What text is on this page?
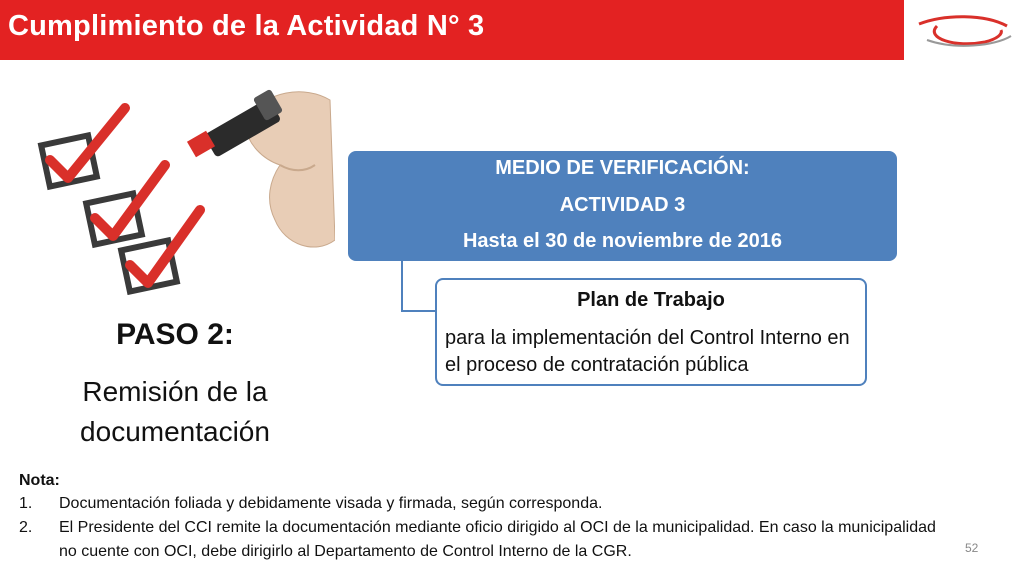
Cumplimiento de la Actividad N° 3
PASO 2:
Remisión de la documentación
MEDIO DE VERIFICACIÓN:
ACTIVIDAD 3
Hasta el 30 de noviembre de 2016
Plan de Trabajo
para la implementación del Control Interno en el proceso de contratación pública
Nota:
1. Documentación foliada y debidamente visada y firmada, según corresponda.
2. El Presidente del CCI remite la documentación mediante oficio dirigido al OCI de la municipalidad. En caso la municipalidad no cuente con OCI, debe dirigirlo al Departamento de Control Interno de la CGR.	52
